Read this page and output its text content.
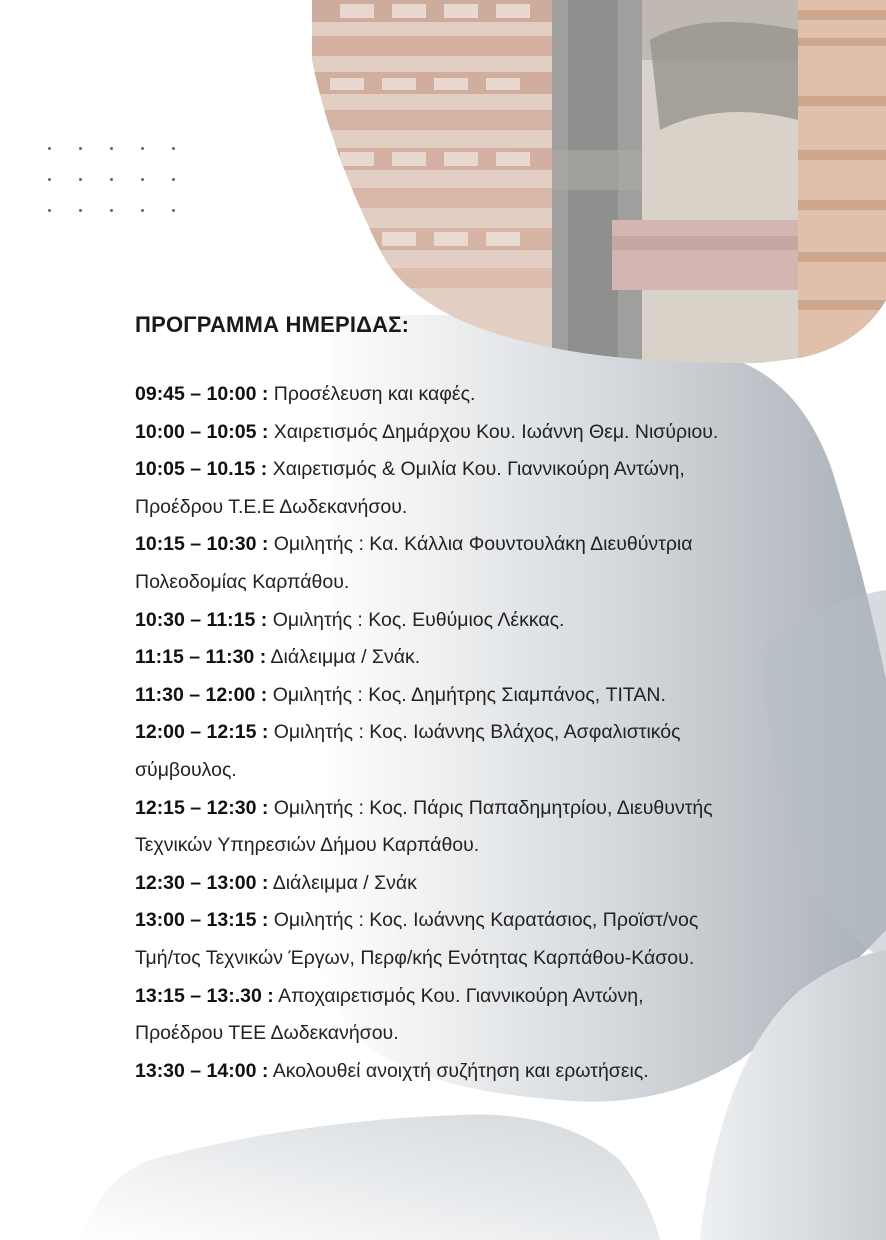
ΠΡΟΓΡΑΜΜΑ ΗΜΕΡΙΔΑΣ:
09:45 – 10:00 : Προσέλευση και καφές.
10:00 – 10:05 : Χαιρετισμός Δημάρχου Κου. Ιωάννη Θεμ. Νισύριου.
10:05 – 10.15 : Χαιρετισμός & Ομιλία Κου. Γιαννικούρη Αντώνη,
Προέδρου Τ.Ε.Ε Δωδεκανήσου.
10:15 – 10:30 : Ομιλητής : Κα. Κάλλια Φουντουλάκη Διευθύντρια
Πολεοδομίας Καρπάθου.
10:30 – 11:15 : Ομιλητής : Κος. Ευθύμιος Λέκκας.
11:15 – 11:30 : Διάλειμμα / Σνάκ.
11:30 – 12:00 : Ομιλητής : Κος. Δημήτρης Σιαμπάνος, TITAN.
12:00 – 12:15 : Ομιλητής : Κος. Ιωάννης Βλάχος, Ασφαλιστικός
σύμβουλος.
12:15 – 12:30 : Ομιλητής : Κος. Πάρις Παπαδημητρίου, Διευθυντής
Τεχνικών Υπηρεσιών Δήμου Καρπάθου.
12:30 – 13:00 : Διάλειμμα / Σνάκ
13:00 – 13:15 : Ομιλητής : Κος. Ιωάννης Καρατάσιος, Προϊστ/νος
Τμή/τος Τεχνικών Έργων, Περφ/κής Ενότητας Καρπάθου-Κάσου.
13:15 – 13:.30 : Αποχαιρετισμός Κου. Γιαννικούρη Αντώνη,
Προέδρου ΤΕΕ Δωδεκανήσου.
13:30 – 14:00 : Ακολουθεί ανοιχτή συζήτηση και ερωτήσεις.
